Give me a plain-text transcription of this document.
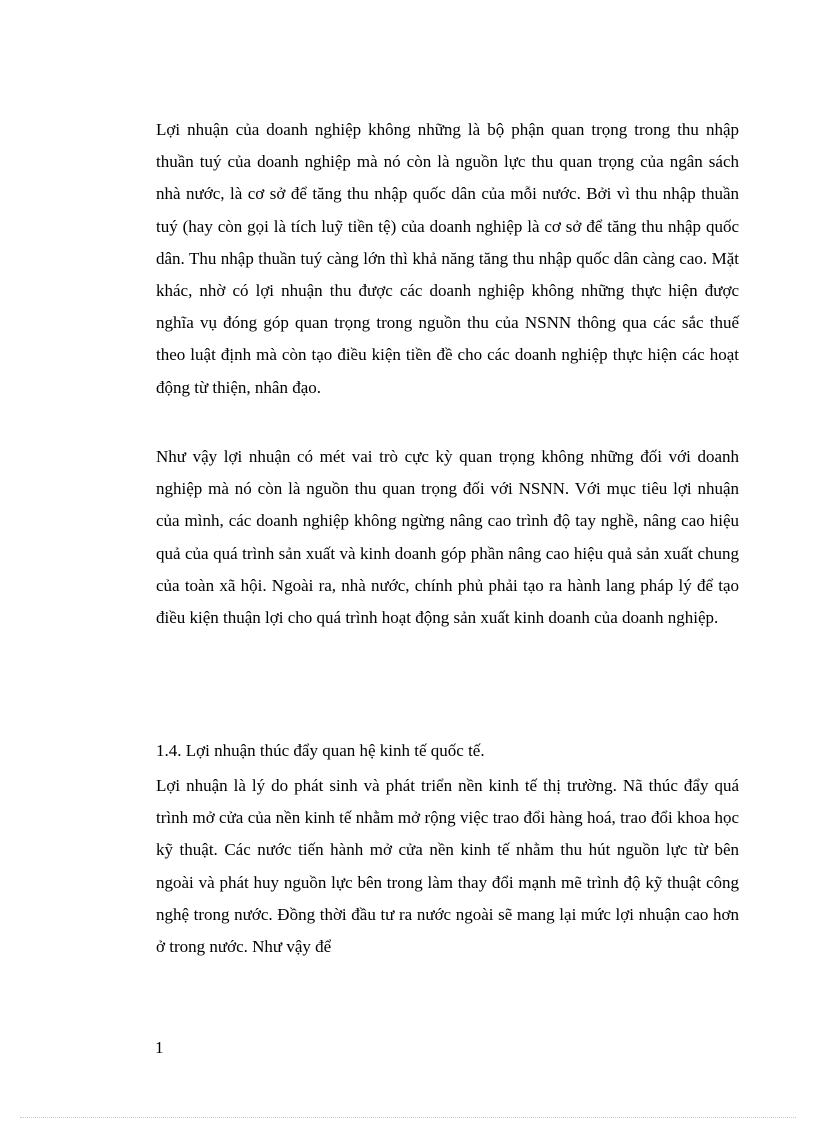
Lợi nhuận của doanh nghiệp không những là bộ phận quan trọng trong thu nhập thuần tuý của doanh nghiệp mà nó còn là nguồn lực thu quan trọng của ngân sách nhà nước, là cơ sở để tăng thu nhập quốc dân của mỗi nước. Bởi vì thu nhập thuần tuý (hay còn gọi là tích luỹ tiền tệ) của doanh nghiệp là cơ sở để tăng thu nhập quốc dân. Thu nhập thuần tuý càng lớn thì khả năng tăng thu nhập quốc dân càng cao. Mặt khác, nhờ có lợi nhuận thu được các doanh nghiệp không những thực hiện được nghĩa vụ đóng góp quan trọng trong nguồn thu của NSNN thông qua các sắc thuế theo luật định mà còn tạo điều kiện tiền đề cho các doanh nghiệp thực hiện các hoạt động từ thiện, nhân đạo.

Như vậy lợi nhuận có mét vai trò cực kỳ quan trọng không những đối với doanh nghiệp mà nó còn là nguồn thu quan trọng đối với NSNN. Với mục tiêu lợi nhuận của mình, các doanh nghiệp không ngừng nâng cao trình độ tay nghề, nâng cao hiệu quả của quá trình sản xuất và kinh doanh góp phần nâng cao hiệu quả sản xuất chung của toàn xã hội. Ngoài ra, nhà nước, chính phủ phải tạo ra hành lang pháp lý để tạo điều kiện thuận lợi cho quá trình hoạt động sản xuất kinh doanh của doanh nghiệp.

1.4. Lợi nhuận thúc đẩy quan hệ kinh tế quốc tế.

Lợi nhuận là lý do phát sinh và phát triển nền kinh tế thị trường. Nã thúc đẩy quá trình mở cửa của nền kinh tế nhằm mở rộng việc trao đổi hàng hoá, trao đổi khoa học kỹ thuật. Các nước tiến hành mở cửa nền kinh tế nhằm thu hút nguồn lực từ bên ngoài và phát huy nguồn lực bên trong làm thay đổi mạnh mẽ trình độ kỹ thuật công nghệ trong nước. Đồng thời đầu tư ra nước ngoài sẽ mang lại mức lợi nhuận cao hơn ở trong nước. Như vậy để

1
